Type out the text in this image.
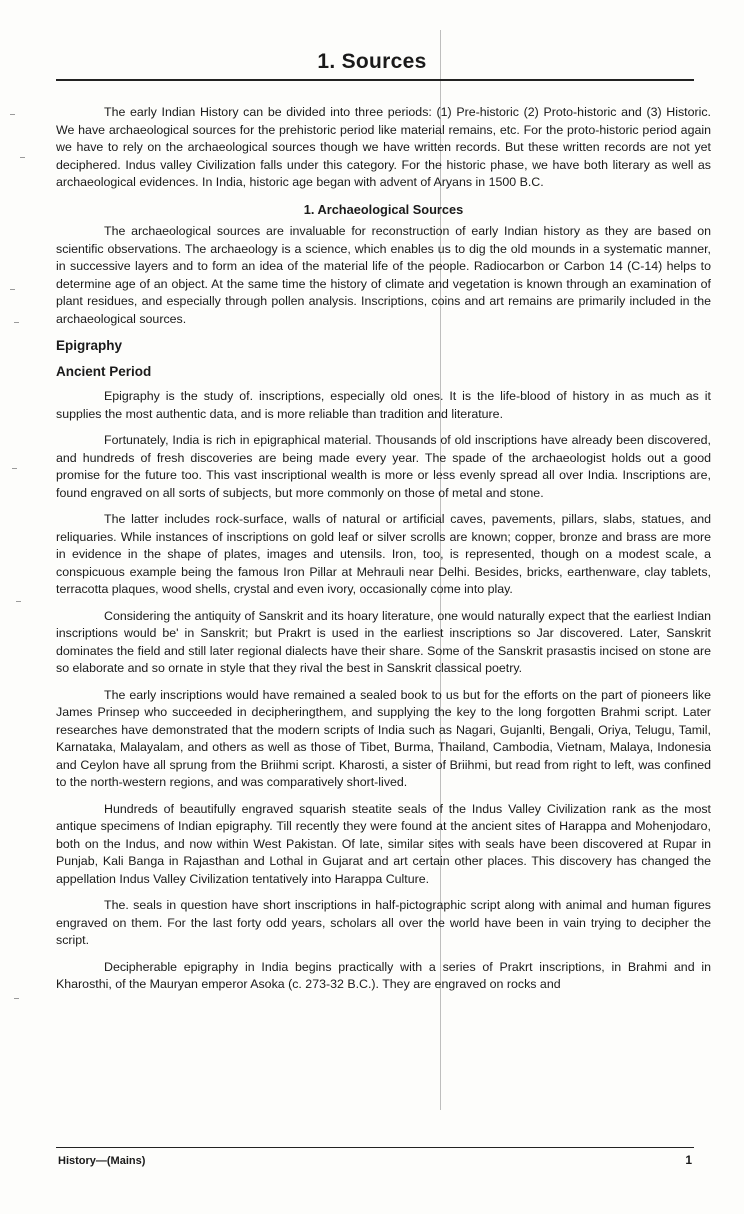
1. Sources

The early Indian History can be divided into three periods: (1) Pre-historic (2) Proto-historic and (3) Historic. We have archaeological sources for the prehistoric period like material remains, etc. For the proto-historic period again we have to rely on the archaeological sources though we have written records. But these written records are not yet deciphered. Indus valley Civilization falls under this category. For the historic phase, we have both literary as well as archaeological evidences. In India, historic age began with advent of Aryans in 1500 B.C.

1. Archaeological Sources

The archaeological sources are invaluable for reconstruction of early Indian history as they are based on scientific observations. The archaeology is a science, which enables us to dig the old mounds in a systematic manner, in successive layers and to form an idea of the material life of the people. Radiocarbon or Carbon 14 (C-14) helps to determine age of an object. At the same time the history of climate and vegetation is known through an examination of plant residues, and especially through pollen analysis. Inscriptions, coins and art remains are primarily included in the archaeological sources.

Epigraphy
Ancient Period

Epigraphy is the study of. inscriptions, especially old ones. It is the life-blood of history in as much as it supplies the most authentic data, and is more reliable than tradition and literature.

Fortunately, India is rich in epigraphical material. Thousands of old inscriptions have already been discovered, and hundreds of fresh discoveries are being made every year. The spade of the archaeologist holds out a good promise for the future too. This vast inscriptional wealth is more or less evenly spread all over India. Inscriptions are, found engraved on all sorts of subjects, but more commonly on those of metal and stone.

The latter includes rock-surface, walls of natural or artificial caves, pavements, pillars, slabs, statues, and reliquaries. While instances of inscriptions on gold leaf or silver scrolls are known; copper, bronze and brass are more in evidence in the shape of plates, images and utensils. Iron, too, is represented, though on a modest scale, a conspicuous example being the famous Iron Pillar at Mehrauli near Delhi. Besides, bricks, earthenware, clay tablets, terracotta plaques, wood shells, crystal and even ivory, occasionally come into play.

Considering the antiquity of Sanskrit and its hoary literature, one would naturally expect that the earliest Indian inscriptions would be' in Sanskrit; but Prakrt is used in the earliest inscriptions so Jar discovered. Later, Sanskrit dominates the field and still later regional dialects have their share. Some of the Sanskrit prasastis incised on stone are so elaborate and so ornate in style that they rival the best in Sanskrit classical poetry.

The early inscriptions would have remained a sealed book to us but for the efforts on the part of pioneers like James Prinsep who succeeded in decipheringthem, and supplying the key to the long forgotten Brahmi script. Later researches have demonstrated that the modern scripts of India such as Nagari, Gujanlti, Bengali, Oriya, Telugu, Tamil, Karnataka, Malayalam, and others as well as those of Tibet, Burma, Thailand, Cambodia, Vietnam, Malaya, Indonesia and Ceylon have all sprung from the Briihmi script. Kharosti, a sister of Briihmi, but read from right to left, was confined to the north-western regions, and was comparatively short-lived.

Hundreds of beautifully engraved squarish steatite seals of the Indus Valley Civilization rank as the most antique specimens of Indian epigraphy. Till recently they were found at the ancient sites of Harappa and Mohenjodaro, both on the Indus, and now within West Pakistan. Of late, similar sites with seals have been discovered at Rupar in Punjab, Kali Banga in Rajasthan and Lothal in Gujarat and art certain other places. This discovery has changed the appellation Indus Valley Civilization tentatively into Harappa Culture.

The. seals in question have short inscriptions in half-pictographic script along with animal and human figures engraved on them. For the last forty odd years, scholars all over the world have been in vain trying to decipher the script.

Decipherable epigraphy in India begins practically with a series of Prakrt inscriptions, in Brahmi and in Kharosthi, of the Mauryan emperor Asoka (c. 273-32 B.C.). They are engraved on rocks and

History—(Mains)	1
